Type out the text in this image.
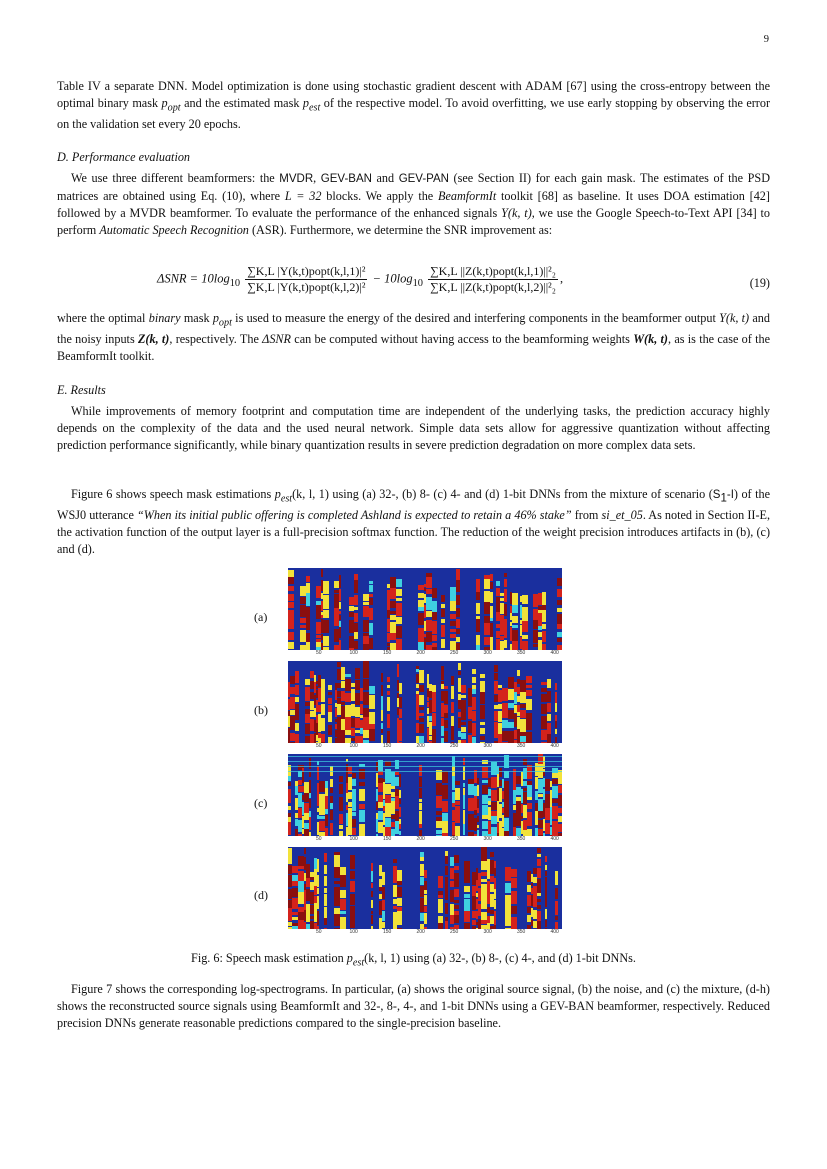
9

Table IV a separate DNN. Model optimization is done using stochastic gradient descent with ADAM [67] using the cross-entropy between the optimal binary mask $p_{opt}$ and the estimated mask $p_{est}$ of the respective model. To avoid overfitting, we use early stopping by observing the error on the validation set every 20 epochs.

D. Performance evaluation

We use three different beamformers: the MVDR, GEV-BAN and GEV-PAN (see Section II) for each gain mask. The estimates of the PSD matrices are obtained using Eq. (10), where L = 32 blocks. We apply the BeamformIt toolkit [68] as baseline. It uses DOA estimation [42] followed by a MVDR beamformer. To evaluate the performance of the enhanced signals Y(k, t), we use the Google Speech-to-Text API [34] to perform Automatic Speech Recognition (ASR). Furthermore, we determine the SNR improvement as:

$\Delta SNR = 10\log_{10} \frac{\text{∑K,L |Y(k,t)popt(k,l,1)|²}}{\text{∑K,L |Y(k,t)popt(k,l,2)|²}} - 10\log_{10} \frac{\text{∑K,L ||Z(k,t)popt(k,l,1)||²₂}}{\text{∑K,L ||Z(k,t)popt(k,l,2)||²₂}}$ ,	(19)

where the optimal binary mask $p_{opt}$ is used to measure the energy of the desired and interfering components in the beamformer output Y(k, t) and the noisy inputs Z(k, t), respectively. The ΔSNR can be computed without having access to the beamforming weights W(k, t), as is the case of the BeamformIt toolkit.

E. Results

While improvements of memory footprint and computation time are independent of the underlying tasks, the prediction accuracy highly depends on the complexity of the data and the used neural network. Simple data sets allow for aggressive quantization without affecting prediction performance significantly, while binary quantization results in severe prediction degradation on more complex data sets.

Figure 6 shows speech mask estimations $p_{est}(k$, l, 1) using (a) 32-, (b) 8- (c) 4- and (d) 1-bit DNNs from the mixture of scenario $(S_1-I)$ of the WSJ0 utterance “When its initial public offering is completed Ashland is expected to retain a 46% stake” from si_et_05. As noted in Section II-E, the activation function of the output layer is a full-precision softmax function. The reduction of the weight precision introduces artifacts in (b), (c) and (d).

(a)
50	100	150	200	250	300	350	400
(b)
50	100	150	200	250	300	350	400
(c)
50	100	150	200	250	300	350	400
(d)
50	100	150	200	250	300	350	400

Fig. 6: Speech mask estimation $p_{est}(k$, l, 1) using (a) 32-, (b) 8-, (c) 4-, and (d) 1-bit DNNs.

Figure 7 shows the corresponding log-spectrograms. In particular, (a) shows the original source signal, (b) the noise, and (c) the mixture, (d-h) shows the reconstructed source signals using BeamformIt and 32-, 8-, 4-, and 1-bit DNNs using a GEV-BAN beamformer, respectively. Reduced precision DNNs generate reasonable predictions compared to the single-precision baseline.
